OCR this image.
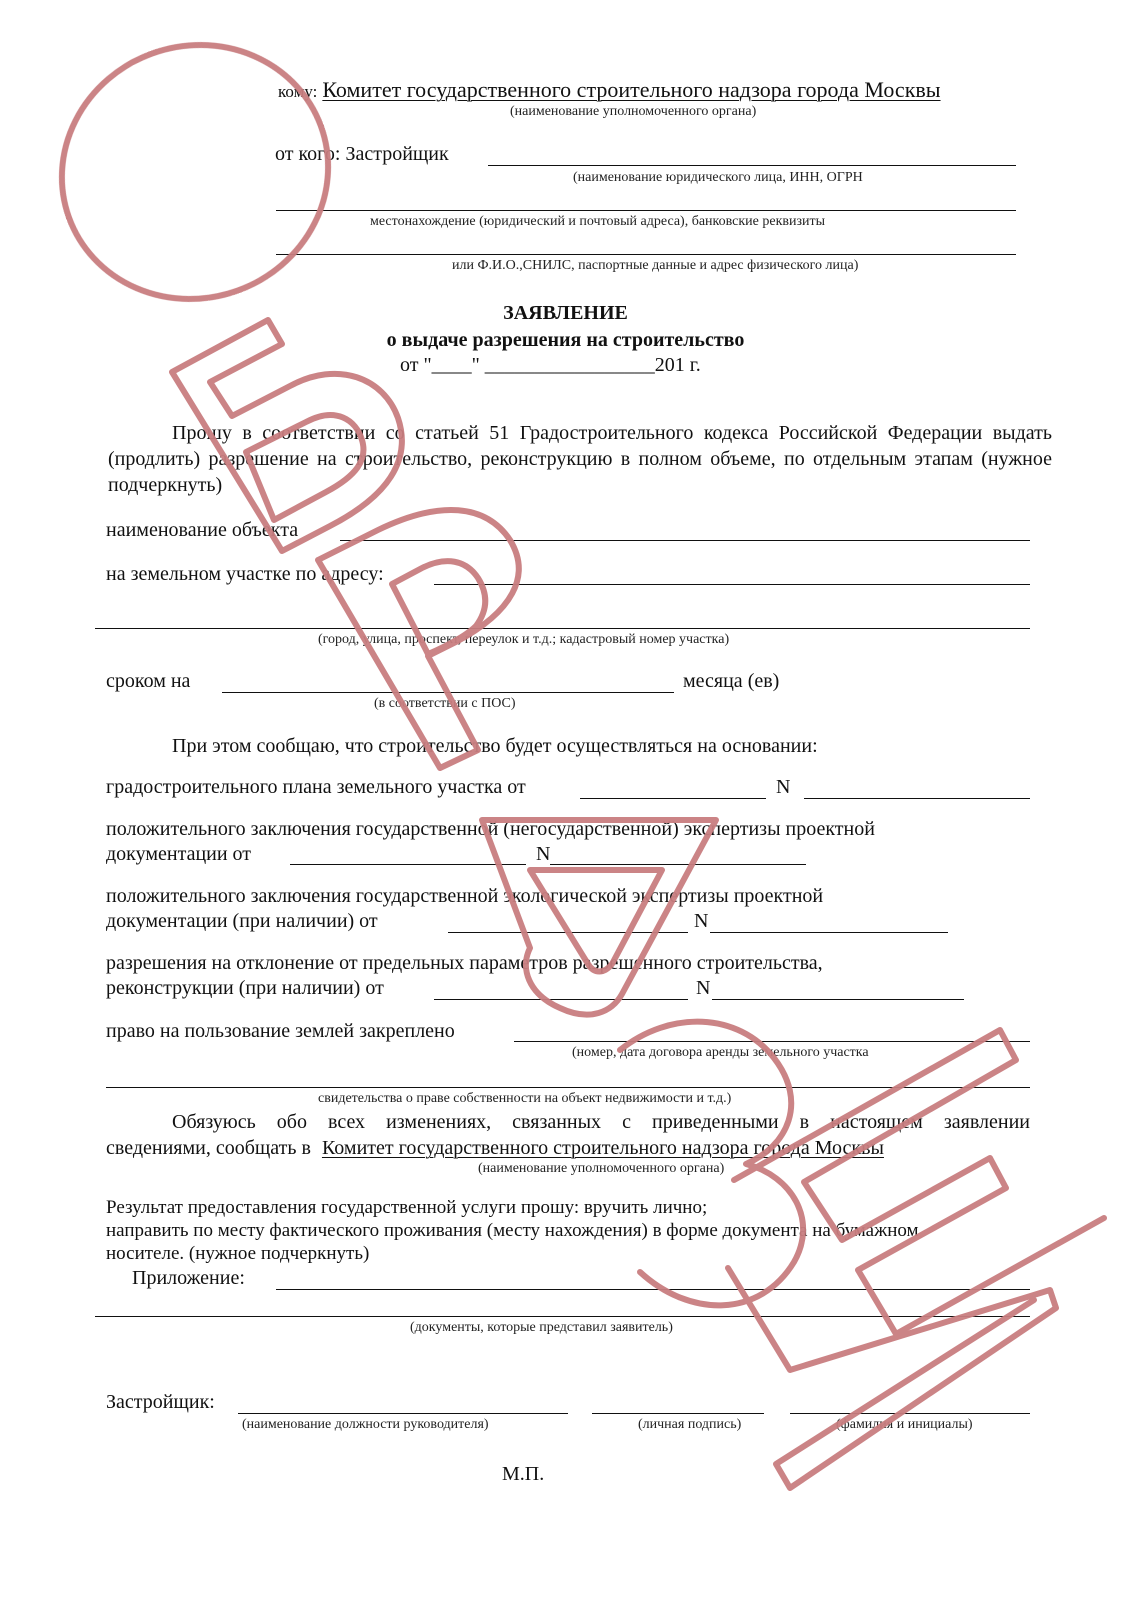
кому: Комитет государственного строительного надзора города Москвы
(наименование уполномоченного органа)
от кого: Застройщик
(наименование юридического лица, ИНН, ОГРН
местонахождение (юридический и почтовый адреса), банковские реквизиты
или Ф.И.О.,СНИЛС, паспортные данные и адрес физического лица)
ЗАЯВЛЕНИЕ
о выдаче разрешения на строительство
от "____" _________________201 г.
Прошу в соответствии со статьей 51 Градостроительного кодекса Российской Федерации выдать (продлить) разрешение на строительство, реконструкцию в полном объеме, по отдельным этапам (нужное подчеркнуть)
наименование объекта
на земельном участке по адресу:
(город, улица, проспект, переулок и т.д.; кадастровый номер участка)
сроком на	месяца (ев)
(в соответствии с ПОС)
При этом сообщаю, что строительство будет осуществляться на основании:
градостроительного плана земельного участка от	N
положительного заключения государственной (негосударственной) экспертизы проектной
документации от	N
положительного заключения государственной экологической экспертизы проектной
документации (при наличии) от	N
разрешения на отклонение от предельных параметров разрешенного строительства,
реконструкции (при наличии) от	N
право на пользование землей закреплено
(номер, дата договора аренды земельного участка
свидетельства о праве собственности на объект недвижимости и т.д.)
Обязуюсь обо всех изменениях, связанных с приведенными в настоящем заявлении
сведениями, сообщать в Комитет государственного строительного надзора города Москвы
(наименование уполномоченного органа)
Результат предоставления государственной услуги прошу: вручить лично;
направить по месту фактического проживания (месту нахождения) в форме документа на бумажном
носителе. (нужное подчеркнуть)
Приложение:
(документы, которые представил заявитель)
Застройщик:
(наименование должности руководителя)	(личная подпись)	(фамилия и инициалы)
М.П.
